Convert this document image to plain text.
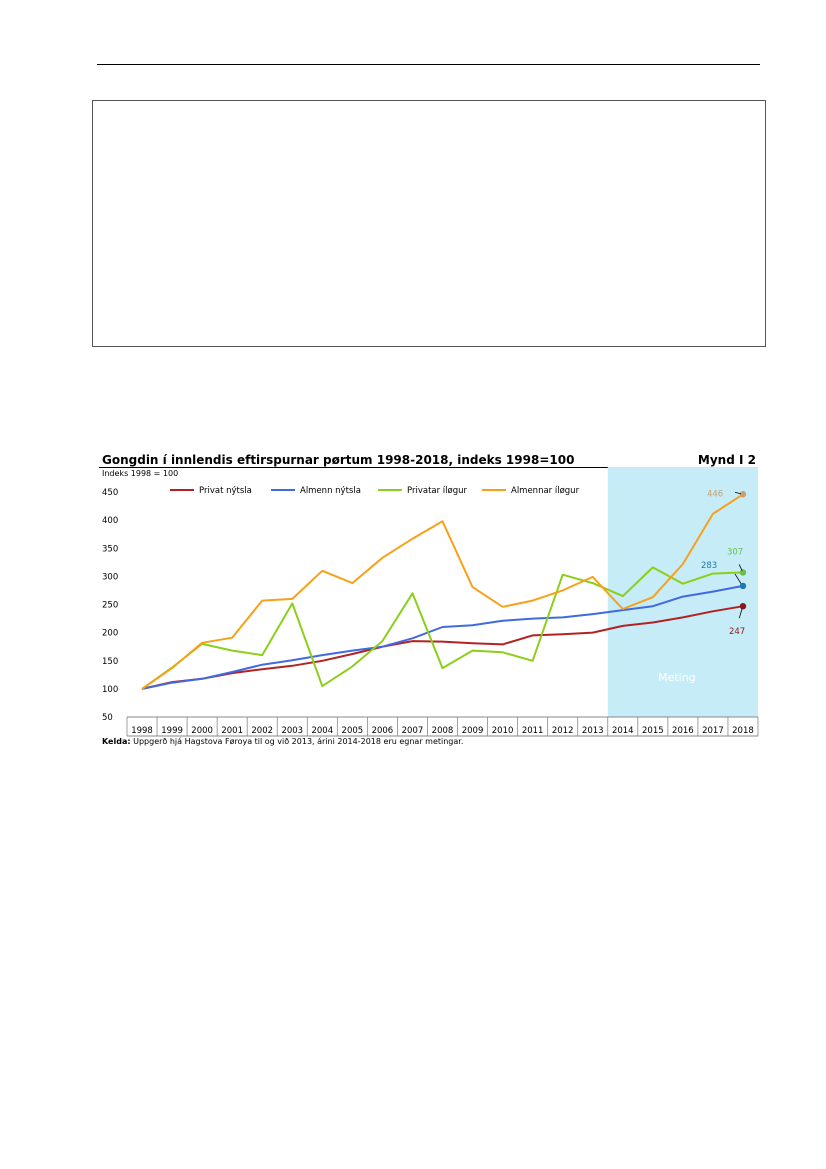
Gongdin í innlendis eftirspurnar pørtum 1998-2018, indeks 1998=100	Mynd I 2
Meting
Indeks 1998 = 100
50
100
150
200
250
300
350
400
450
1998 1999 2000 2001 2002 2003 2004 2005 2006 2007 2008 2009 2010 2011 2012 2013 2014 2015 2016 2017 2018
Privat nýtsla	Almenn nýtsla	Privatar íløgur	Almennar íløgur
247
283
307
446
Kelda: Uppgerð hjá Hagstova Føroya til og við 2013, árini 2014-2018 eru egnar metingar.
